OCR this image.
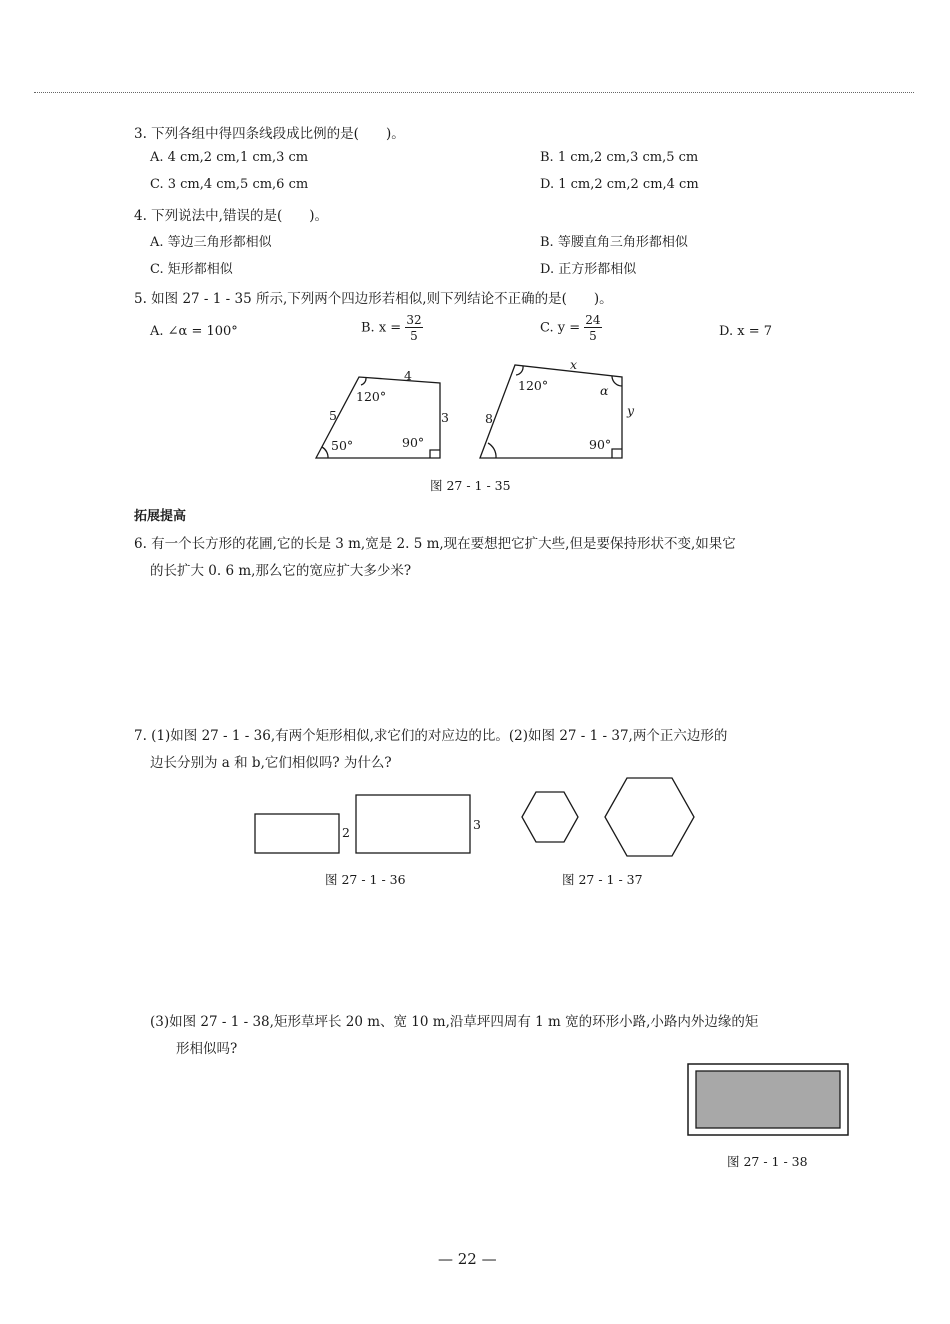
3. 下列各组中得四条线段成比例的是(　　)。
A. 4 cm,2 cm,1 cm,3 cm	B. 1 cm,2 cm,3 cm,5 cm
C. 3 cm,4 cm,5 cm,6 cm	D. 1 cm,2 cm,2 cm,4 cm
4. 下列说法中,错误的是(　　)。
A. 等边三角形都相似	B. 等腰直角三角形都相似
C. 矩形都相似	D. 正方形都相似
5. 如图 27 - 1 - 35 所示,下列两个四边形若相似,则下列结论不正确的是(　　)。
A. ∠α = 100°	B. $x = \frac{32}{5}$	C. $y = \frac{24}{5}$	D. x = 7
4
5	3
120°
50°	90°
x
8
y
120°	α
90°
图 27 - 1 - 35
拓展提高
6. 有一个长方形的花圃,它的长是 3 m,宽是 2. 5 m,现在要想把它扩大些,但是要保持形状不变,如果它
的长扩大 0. 6 m,那么它的宽应扩大多少米?
7. (1)如图 27 - 1 - 36,有两个矩形相似,求它们的对应边的比。(2)如图 27 - 1 - 37,两个正六边形的
边长分别为 a 和 b,它们相似吗? 为什么?
2
3
图 27 - 1 - 36	图 27 - 1 - 37
(3)如图 27 - 1 - 38,矩形草坪长 20 m、宽 10 m,沿草坪四周有 1 m 宽的环形小路,小路内外边缘的矩
形相似吗?
图 27 - 1 - 38
— 22 —
